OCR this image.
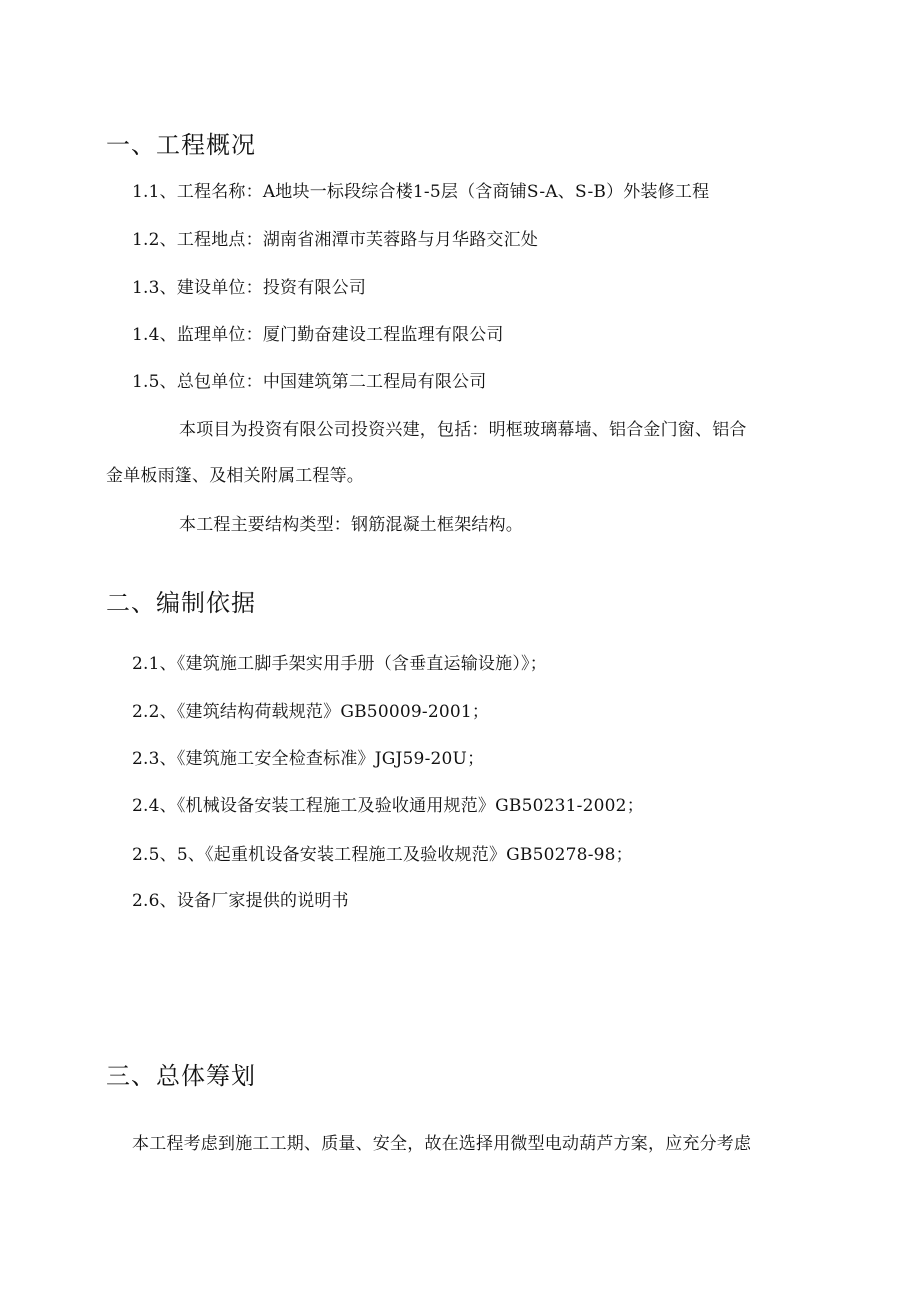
一、工程概况
1.1、工程名称：A地块一标段综合楼1-5层（含商铺S-A、S-B）外装修工程
1.2、工程地点：湖南省湘潭市芙蓉路与月华路交汇处
1.3、建设单位：投资有限公司
1.4、监理单位：厦门勤奋建设工程监理有限公司
1.5、总包单位：中国建筑第二工程局有限公司
本项目为投资有限公司投资兴建，包括：明框玻璃幕墙、铝合金门窗、铝合
金单板雨篷、及相关附属工程等。
本工程主要结构类型：钢筋混凝土框架结构。
二、编制依据
2.1、《建筑施工脚手架实用手册（含垂直运输设施）》；
2.2、《建筑结构荷载规范》GB50009-2001；
2.3、《建筑施工安全检查标准》JGJ59-20U；
2.4、《机械设备安装工程施工及验收通用规范》GB50231-2002；
2.5、5、《起重机设备安装工程施工及验收规范》GB50278-98；
2.6、设备厂家提供的说明书
三、总体筹划
本工程考虑到施工工期、质量、安全，故在选择用微型电动葫芦方案，应充分考虑
